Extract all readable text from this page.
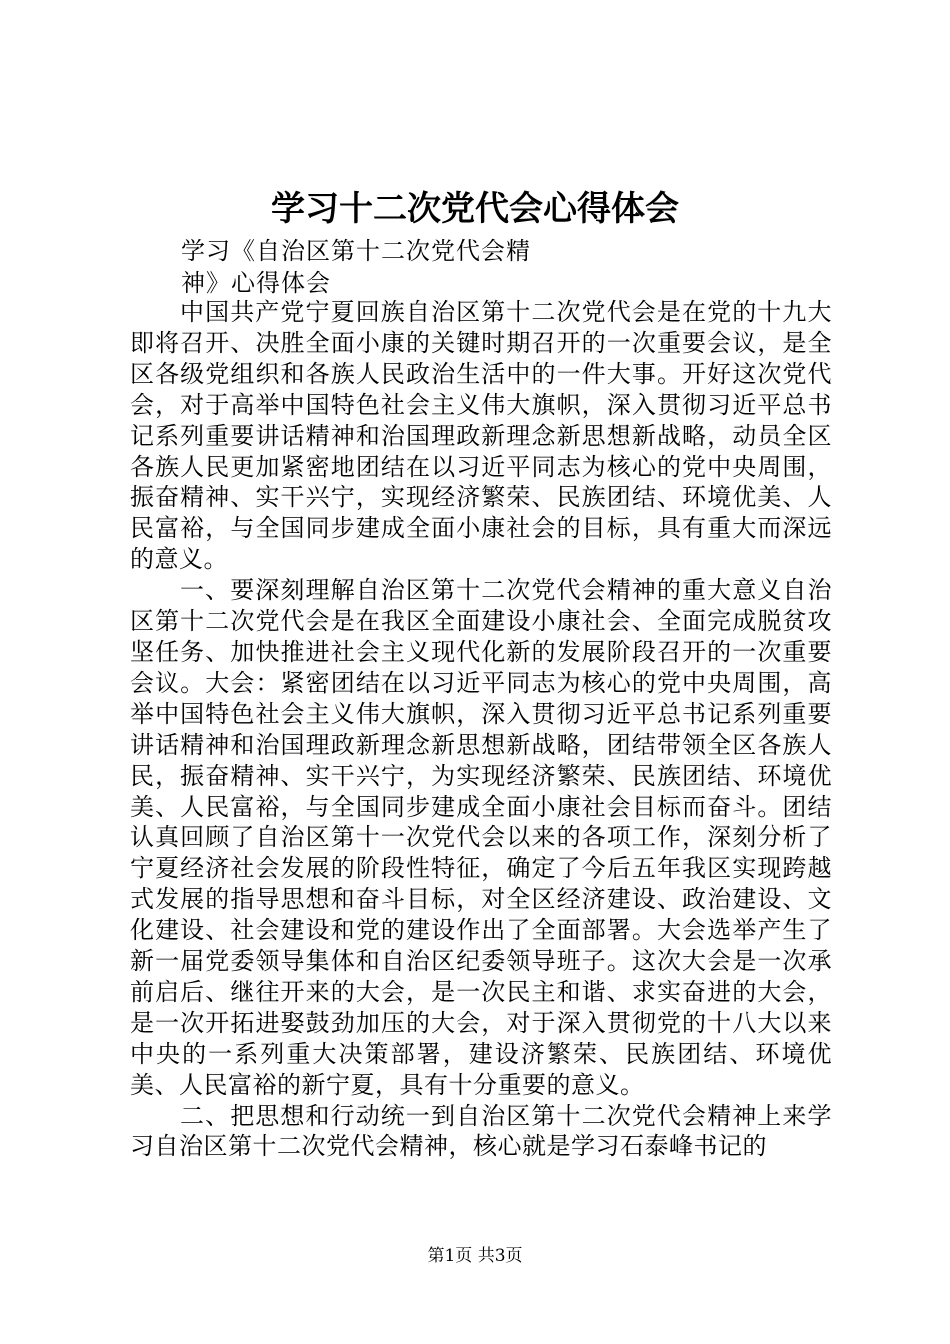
学习十二次党代会心得体会
学习《自治区第十二次党代会精神》心得体会

中国共产党宁夏回族自治区第十二次党代会是在党的十九大即将召开、决胜全面小康的关键时期召开的一次重要会议，是全区各级党组织和各族人民政治生活中的一件大事。开好这次党代会，对于高举中国特色社会主义伟大旗帜，深入贯彻习近平总书记系列重要讲话精神和治国理政新理念新思想新战略，动员全区各族人民更加紧密地团结在以习近平同志为核心的党中央周围，振奋精神、实干兴宁，实现经济繁荣、民族团结、环境优美、人民富裕，与全国同步建成全面小康社会的目标，具有重大而深远的意义。

一、要深刻理解自治区第十二次党代会精神的重大意义自治区第十二次党代会是在我区全面建设小康社会、全面完成脱贫攻坚任务、加快推进社会主义现代化新的发展阶段召开的一次重要会议。大会：紧密团结在以习近平同志为核心的党中央周围，高举中国特色社会主义伟大旗帜，深入贯彻习近平总书记系列重要讲话精神和治国理政新理念新思想新战略，团结带领全区各族人民，振奋精神、实干兴宁，为实现经济繁荣、民族团结、环境优美、人民富裕，与全国同步建成全面小康社会目标而奋斗。团结认真回顾了自治区第十一次党代会以来的各项工作，深刻分析了宁夏经济社会发展的阶段性特征，确定了今后五年我区实现跨越式发展的指导思想和奋斗目标，对全区经济建设、政治建设、文化建设、社会建设和党的建设作出了全面部署。大会选举产生了新一届党委领导集体和自治区纪委领导班子。这次大会是一次承前启后、继往开来的大会，是一次民主和谐、求实奋进的大会，是一次开拓进娶鼓劲加压的大会，对于深入贯彻党的十八大以来中央的一系列重大决策部署，建设济繁荣、民族团结、环境优美、人民富裕的新宁夏，具有十分重要的意义。

二、把思想和行动统一到自治区第十二次党代会精神上来学习自治区第十二次党代会精神，核心就是学习石泰峰书记的

第1页 共3页
